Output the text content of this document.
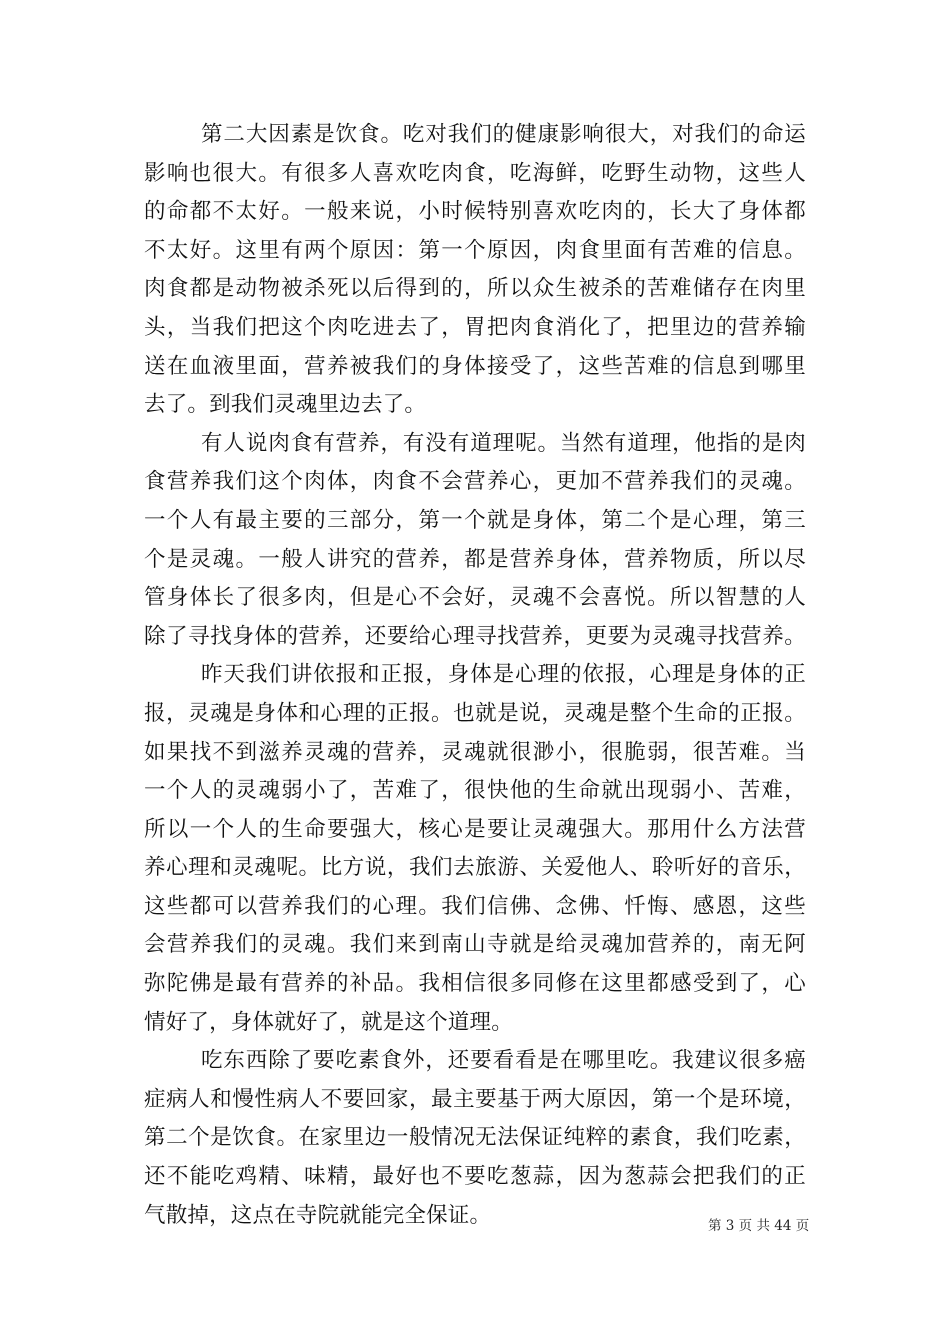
第二大因素是饮食。吃对我们的健康影响很大，对我们的命运
影响也很大。有很多人喜欢吃肉食，吃海鲜，吃野生动物，这些人
的命都不太好。一般来说，小时候特别喜欢吃肉的，长大了身体都
不太好。这里有两个原因：第一个原因，肉食里面有苦难的信息。
肉食都是动物被杀死以后得到的，所以众生被杀的苦难储存在肉里
头，当我们把这个肉吃进去了，胃把肉食消化了，把里边的营养输
送在血液里面，营养被我们的身体接受了，这些苦难的信息到哪里
去了。到我们灵魂里边去了。
有人说肉食有营养，有没有道理呢。当然有道理，他指的是肉
食营养我们这个肉体，肉食不会营养心，更加不营养我们的灵魂。
一个人有最主要的三部分，第一个就是身体，第二个是心理，第三
个是灵魂。一般人讲究的营养，都是营养身体，营养物质，所以尽
管身体长了很多肉，但是心不会好，灵魂不会喜悦。所以智慧的人
除了寻找身体的营养，还要给心理寻找营养，更要为灵魂寻找营养。
昨天我们讲依报和正报，身体是心理的依报，心理是身体的正
报，灵魂是身体和心理的正报。也就是说，灵魂是整个生命的正报。
如果找不到滋养灵魂的营养，灵魂就很渺小，很脆弱，很苦难。当
一个人的灵魂弱小了，苦难了，很快他的生命就出现弱小、苦难，
所以一个人的生命要强大，核心是要让灵魂强大。那用什么方法营
养心理和灵魂呢。比方说，我们去旅游、关爱他人、聆听好的音乐，
这些都可以营养我们的心理。我们信佛、念佛、忏悔、感恩，这些
会营养我们的灵魂。我们来到南山寺就是给灵魂加营养的，南无阿
弥陀佛是最有营养的补品。我相信很多同修在这里都感受到了，心
情好了，身体就好了，就是这个道理。
吃东西除了要吃素食外，还要看看是在哪里吃。我建议很多癌
症病人和慢性病人不要回家，最主要基于两大原因，第一个是环境，
第二个是饮食。在家里边一般情况无法保证纯粹的素食，我们吃素，
还不能吃鸡精、味精，最好也不要吃葱蒜，因为葱蒜会把我们的正
气散掉，这点在寺院就能完全保证。	第 3 页 共 44 页
